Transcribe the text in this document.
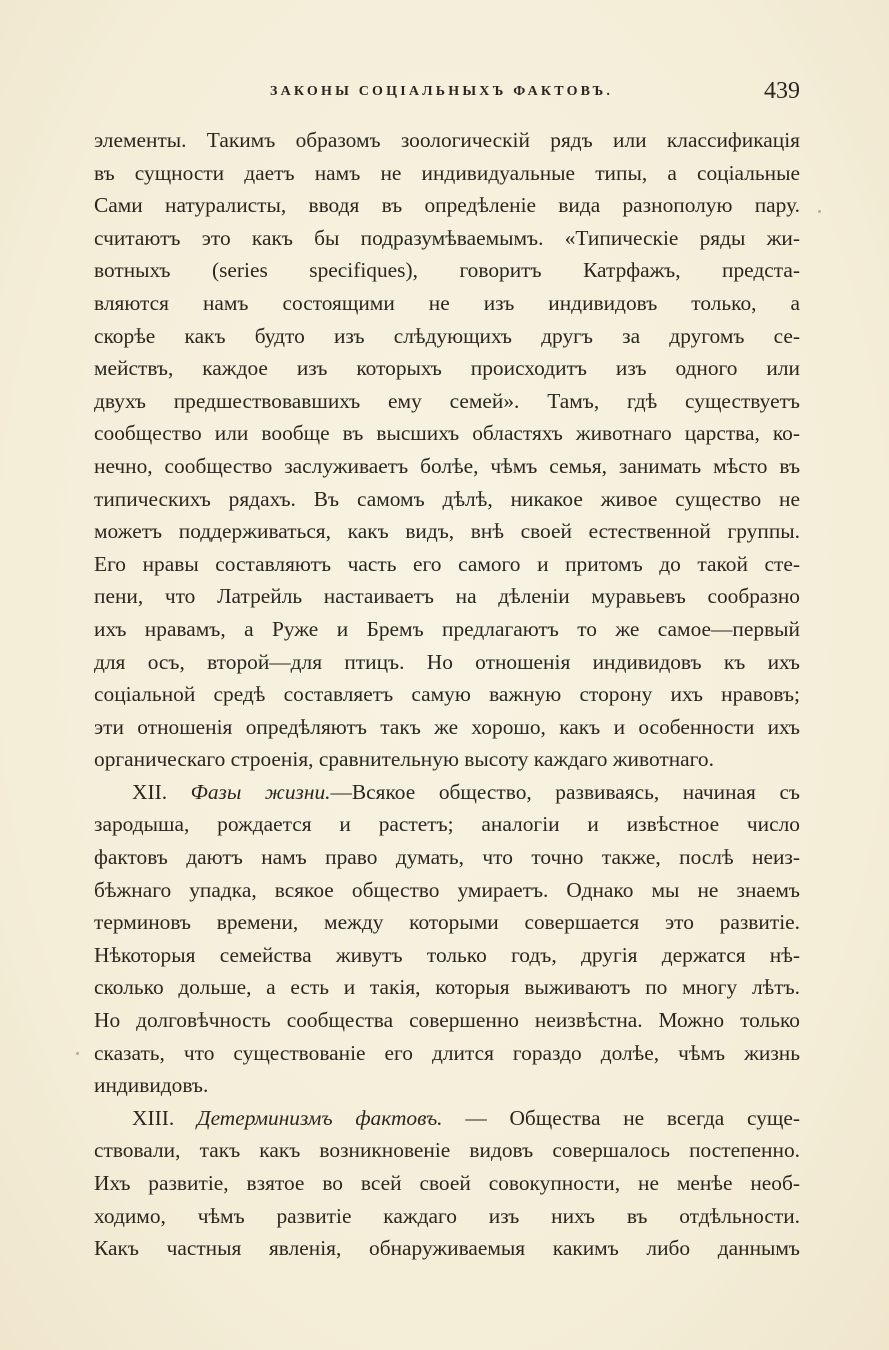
ЗАКОНЫ СОЦІАЛЬНЫХЪ ФАКТОВЪ.	439
элементы. Такимъ образомъ зоологическій рядъ или классификація
въ сущности даетъ намъ не индивидуальные типы, а соціальные
Сами натуралисты, вводя въ опредѣленіе вида разнополую пару.
считаютъ это какъ бы подразумѣваемымъ. «Типическіе ряды жи-
вотныхъ (series specifiques), говоритъ Катрфажъ, предста-
вляются намъ состоящими не изъ индивидовъ только, а
скорѣе какъ будто изъ слѣдующихъ другъ за другомъ се-
мействъ, каждое изъ которыхъ происходитъ изъ одного или
двухъ предшествовавшихъ ему семей». Тамъ, гдѣ существуетъ
сообщество или вообще въ высшихъ областяхъ животнаго царства, ко-
нечно, сообщество заслуживаетъ болѣе, чѣмъ семья, занимать мѣсто въ
типическихъ рядахъ. Въ самомъ дѣлѣ, никакое живое существо не
можетъ поддерживаться, какъ видъ, внѣ своей естественной группы.
Его нравы составляютъ часть его самого и притомъ до такой сте-
пени, что Латрейль настаиваетъ на дѣленіи муравьевъ сообразно
ихъ нравамъ, а Руже и Бремъ предлагаютъ то же самое—первый
для осъ, второй—для птицъ. Но отношенія индивидовъ къ ихъ
соціальной средѣ составляетъ самую важную сторону ихъ нравовъ;
эти отношенія опредѣляютъ такъ же хорошо, какъ и особенности ихъ
органическаго строенія, сравнительную высоту каждаго животнаго.
XII. Фазы жизни.—Всякое общество, развиваясь, начиная съ
зародыша, рождается и растетъ; аналогіи и извѣстное число
фактовъ даютъ намъ право думать, что точно также, послѣ неиз-
бѣжнаго упадка, всякое общество умираетъ. Однако мы не знаемъ
терминовъ времени, между которыми совершается это развитіе.
Нѣкоторыя семейства живутъ только годъ, другія держатся нѣ-
сколько дольше, а есть и такія, которыя выживаютъ по многу лѣтъ.
Но долговѣчность сообщества совершенно неизвѣстна. Можно только
сказать, что существованіе его длится гораздо долѣе, чѣмъ жизнь
индивидовъ.
XIII. Детерминизмъ фактовъ. — Общества не всегда суще-
ствовали, такъ какъ возникновеніе видовъ совершалось постепенно.
Ихъ развитіе, взятое во всей своей совокупности, не менѣе необ-
ходимо, чѣмъ развитіе каждаго изъ нихъ въ отдѣльности.
Какъ частныя явленія, обнаруживаемыя какимъ либо даннымъ
